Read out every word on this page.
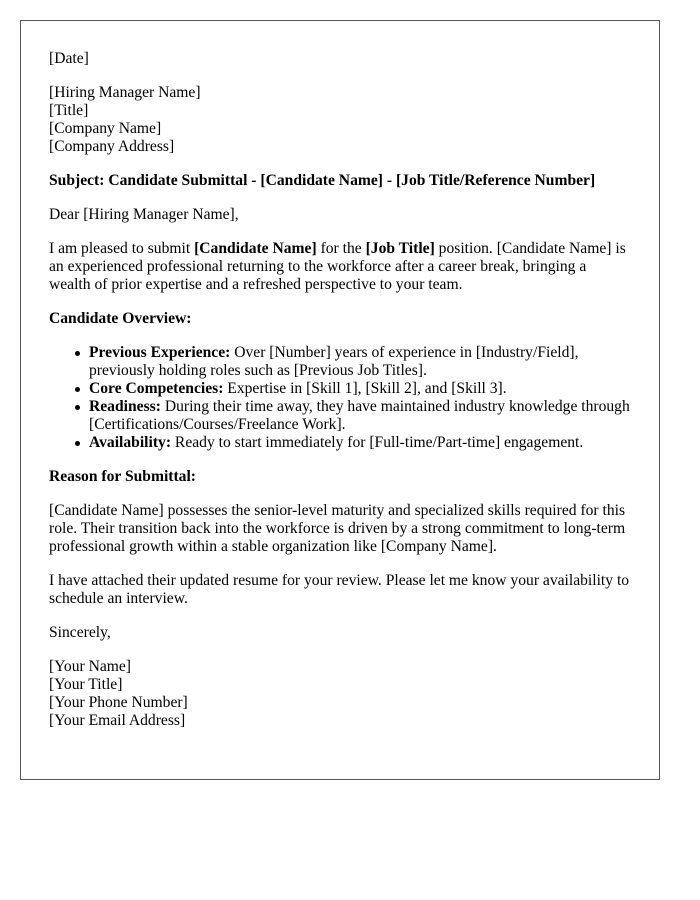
[Date]
[Hiring Manager Name]
[Title]
[Company Name]
[Company Address]

Subject: Candidate Submittal - [Candidate Name] - [Job Title/Reference Number]

Dear [Hiring Manager Name],

I am pleased to submit [Candidate Name] for the [Job Title] position. [Candidate Name] is an experienced professional returning to the workforce after a career break, bringing a wealth of prior expertise and a refreshed perspective to your team.

Candidate Overview:

Previous Experience: Over [Number] years of experience in [Industry/Field], previously holding roles such as [Previous Job Titles].
Core Competencies: Expertise in [Skill 1], [Skill 2], and [Skill 3].
Readiness: During their time away, they have maintained industry knowledge through [Certifications/Courses/Freelance Work].
Availability: Ready to start immediately for [Full-time/Part-time] engagement.

Reason for Submittal:

[Candidate Name] possesses the senior-level maturity and specialized skills required for this role. Their transition back into the workforce is driven by a strong commitment to long-term professional growth within a stable organization like [Company Name].

I have attached their updated resume for your review. Please let me know your availability to schedule an interview.

Sincerely,

[Your Name]
[Your Title]
[Your Phone Number]
[Your Email Address]
